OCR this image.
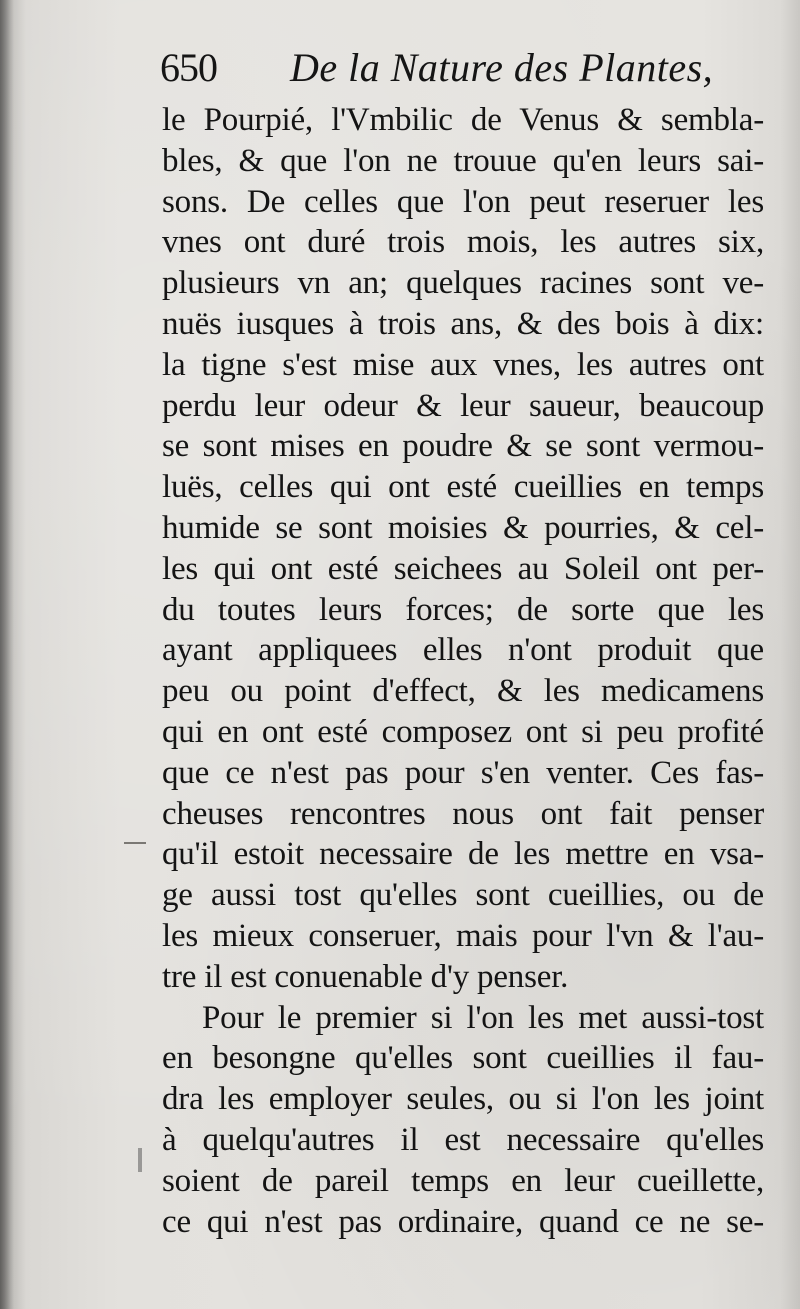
650 De la Nature des Plantes,
le Pourpié, l'Vmbilic de Venus & sembla-
bles, & que l'on ne trouue qu'en leurs sai-
sons. De celles que l'on peut reseruer les
vnes ont duré trois mois, les autres six,
plusieurs vn an; quelques racines sont ve-
nuës iusques à trois ans, & des bois à dix:
la tigne s'est mise aux vnes, les autres ont
perdu leur odeur & leur saueur, beaucoup
se sont mises en poudre & se sont vermou-
luës, celles qui ont esté cueillies en temps
humide se sont moisies & pourries, & cel-
les qui ont esté seichees au Soleil ont per-
du toutes leurs forces; de sorte que les
ayant appliquees elles n'ont produit que
peu ou point d'effect, & les medicamens
qui en ont esté composez ont si peu profité
que ce n'est pas pour s'en venter. Ces fas-
cheuses rencontres nous ont fait penser
qu'il estoit necessaire de les mettre en vsa-
ge aussi tost qu'elles sont cueillies, ou de
les mieux conseruer, mais pour l'vn & l'au-
tre il est conuenable d'y penser.
Pour le premier si l'on les met aussi-tost
en besongne qu'elles sont cueillies il fau-
dra les employer seules, ou si l'on les joint
à quelqu'autres il est necessaire qu'elles
soient de pareil temps en leur cueillette,
ce qui n'est pas ordinaire, quand ce ne se-
